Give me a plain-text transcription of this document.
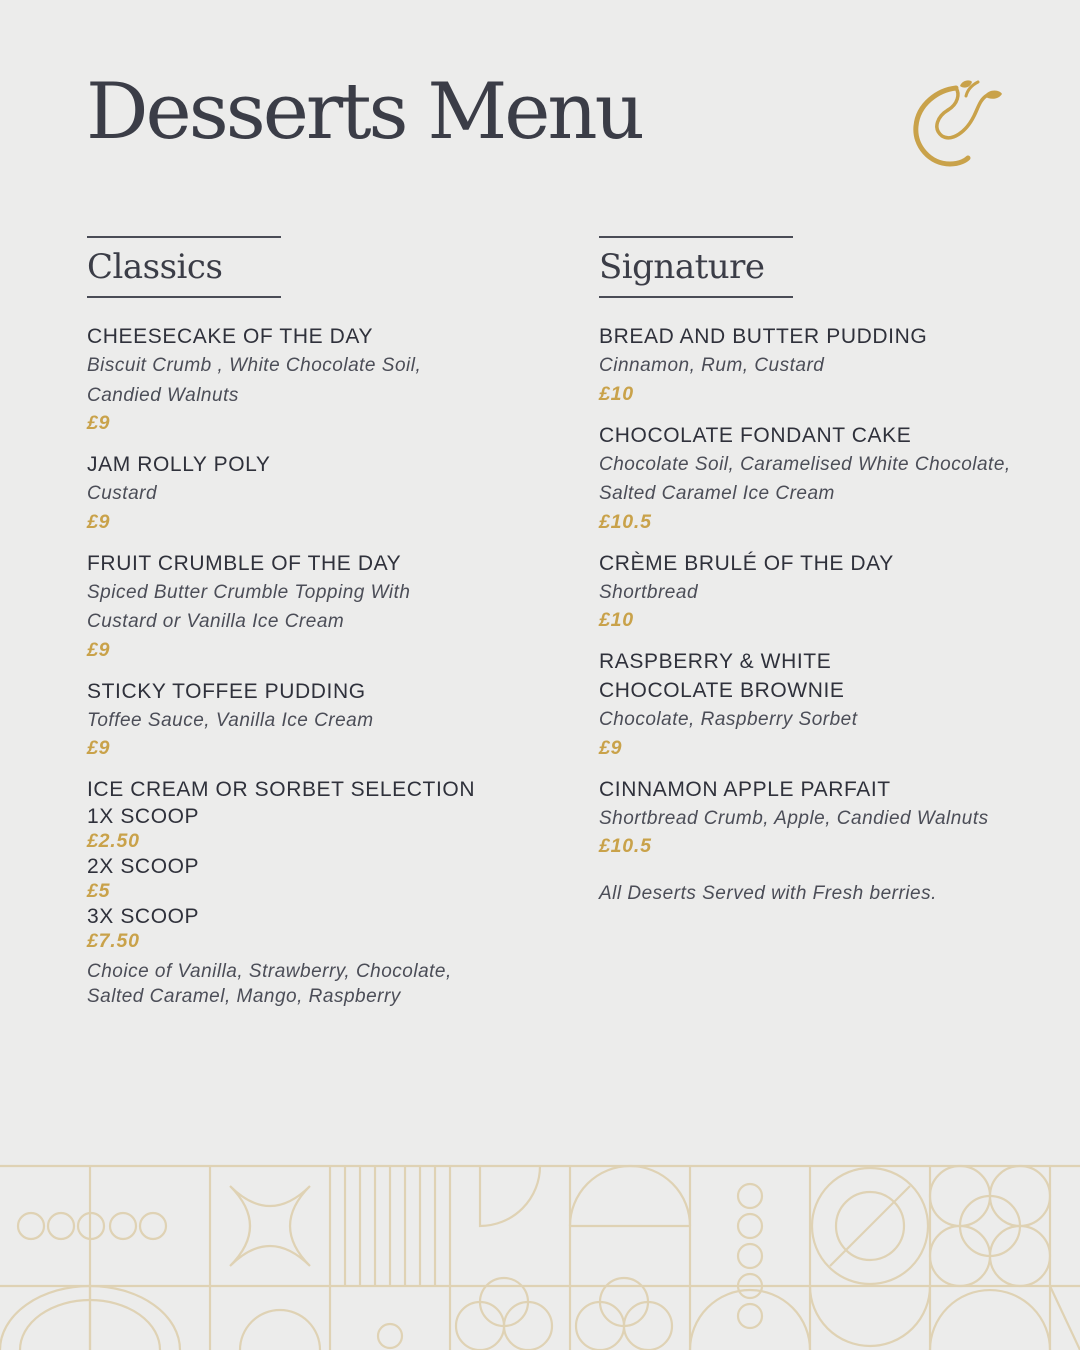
Desserts Menu
Classics
CHEESECAKE OF THE DAY
Biscuit Crumb , White Chocolate Soil,
Candied Walnuts
£9
JAM ROLLY POLY
Custard
£9
FRUIT CRUMBLE OF THE DAY
Spiced Butter Crumble Topping With
Custard or Vanilla Ice Cream
£9
STICKY TOFFEE PUDDING
Toffee Sauce, Vanilla Ice Cream
£9
ICE CREAM OR SORBET SELECTION
1X SCOOP
£2.50
2X SCOOP
£5
3X SCOOP
£7.50
Choice of Vanilla, Strawberry, Chocolate,
Salted Caramel, Mango, Raspberry
Signature
BREAD AND BUTTER PUDDING
Cinnamon, Rum, Custard
£10
CHOCOLATE FONDANT CAKE
Chocolate Soil, Caramelised White Chocolate,
Salted Caramel Ice Cream
£10.5
CRÈME BRULÉ OF THE DAY
Shortbread
£10
RASPBERRY & WHITE
CHOCOLATE BROWNIE
Chocolate, Raspberry Sorbet
£9
CINNAMON APPLE PARFAIT
Shortbread Crumb, Apple, Candied Walnuts
£10.5
All Deserts Served with Fresh berries.
